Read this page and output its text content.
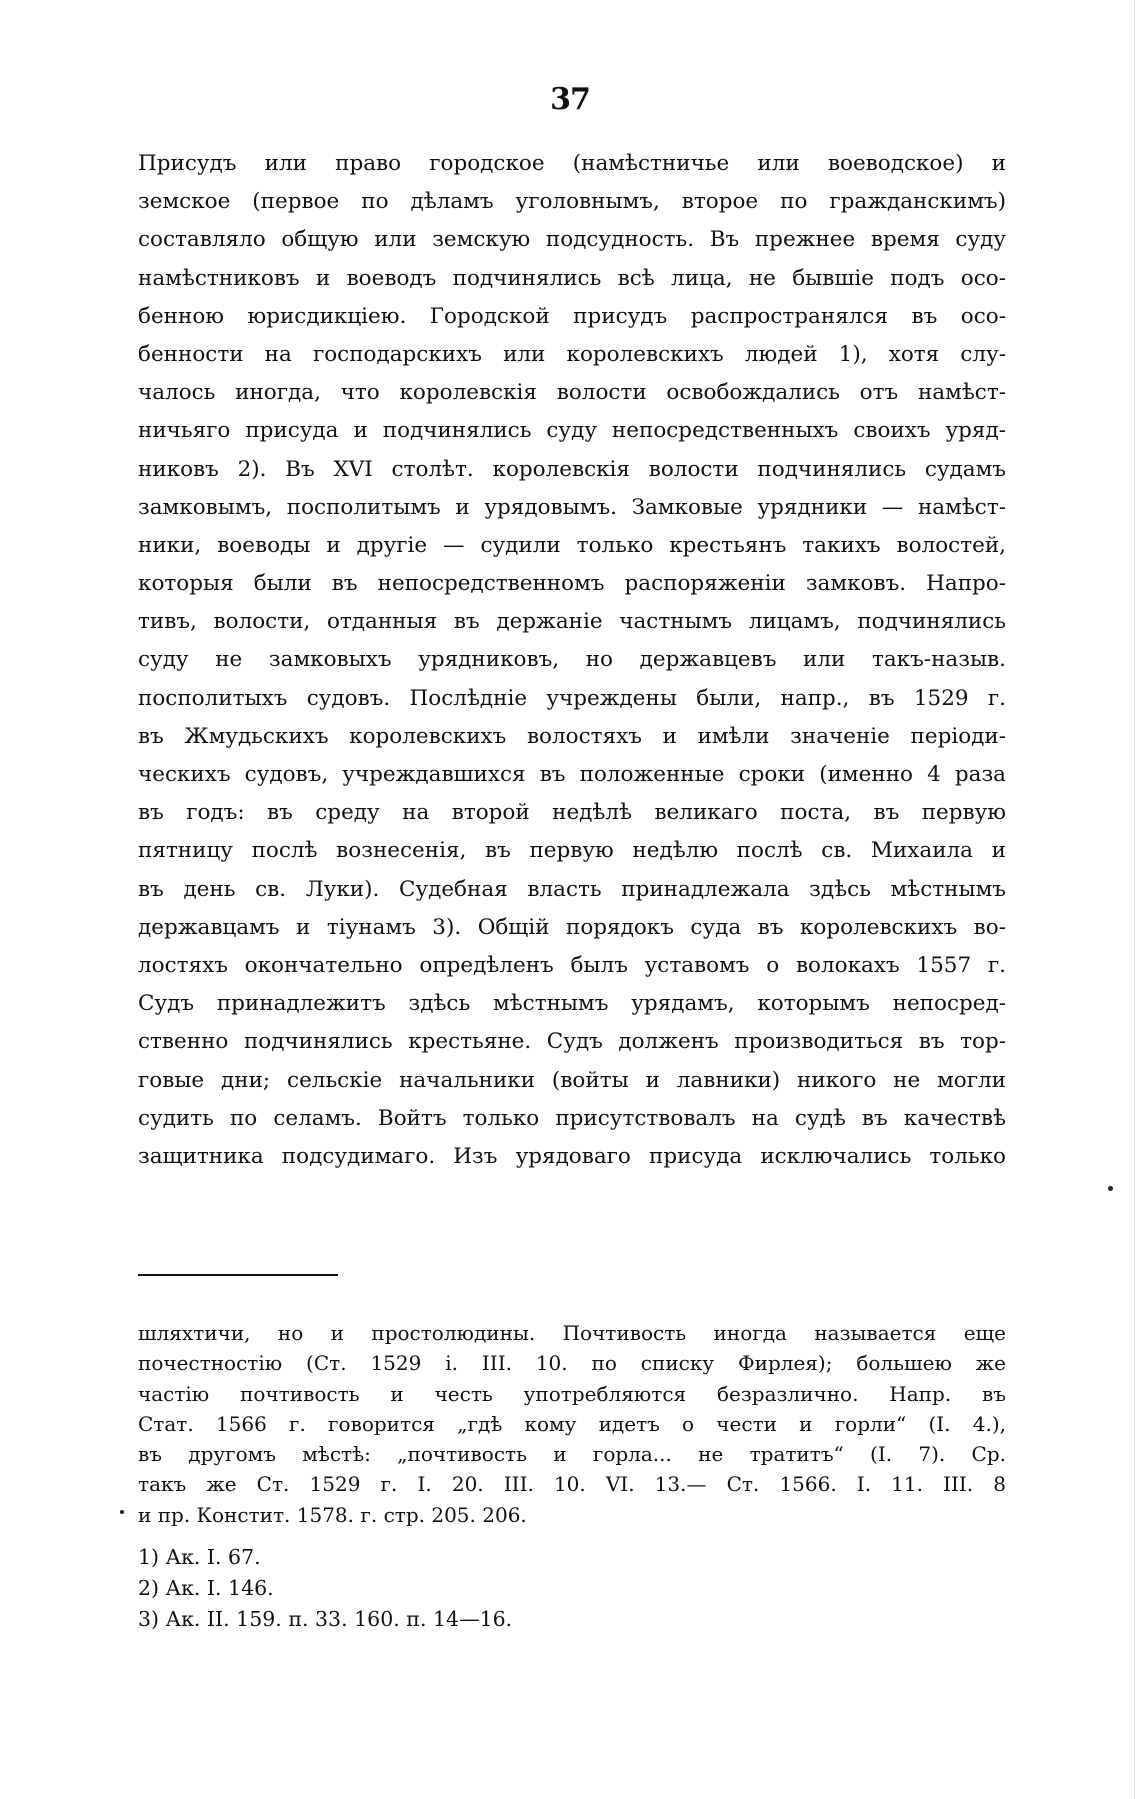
37
Присудъ или право городское (намѣстничье или воеводское) и
земское (первое по дѣламъ уголовнымъ, второе по гражданскимъ)
составляло общую или земскую подсудность. Въ прежнее время суду
намѣстниковъ и воеводъ подчинялись всѣ лица, не бывшіе подъ осо-
бенною юрисдикціею. Городской присудъ распространялся въ осо-
бенности на господарскихъ или королевскихъ людей 1), хотя слу-
чалось иногда, что королевскія волости освобождались отъ намѣст-
ничьяго присуда и подчинялись суду непосредственныхъ своихъ уряд-
никовъ 2). Въ XVI столѣт. королевскія волости подчинялись судамъ
замковымъ, посполитымъ и урядовымъ. Замковые урядники — намѣст-
ники, воеводы и другіе — судили только крестьянъ такихъ волостей,
которыя были въ непосредственномъ распоряженіи замковъ. Напро-
тивъ, волости, отданныя въ держаніе частнымъ лицамъ, подчинялись
суду не замковыхъ урядниковъ, но державцевъ или такъ-назыв.
посполитыхъ судовъ. Послѣдніе учреждены были, напр., въ 1529 г.
въ Жмудьскихъ королевскихъ волостяхъ и имѣли значеніе періоди-
ческихъ судовъ, учреждавшихся въ положенные сроки (именно 4 раза
въ годъ: въ среду на второй недѣлѣ великаго поста, въ первую
пятницу послѣ вознесенія, въ первую недѣлю послѣ св. Михаила и
въ день св. Луки). Судебная власть принадлежала здѣсь мѣстнымъ
державцамъ и тіунамъ 3). Общій порядокъ суда въ королевскихъ во-
лостяхъ окончательно опредѣленъ былъ уставомъ о волокахъ 1557 г.
Судъ принадлежитъ здѣсь мѣстнымъ урядамъ, которымъ непосред-
ственно подчинялись крестьяне. Судъ долженъ производиться въ тор-
говые дни; сельскіе начальники (войты и лавники) никого не могли
судить по селамъ. Войтъ только присутствовалъ на судѣ въ качествѣ
защитника подсудимаго. Изъ урядоваго присуда исключались только
шляхтичи, но и простолюдины. Почтивость иногда называется еще
почестностію (Ст. 1529 і. III. 10. по списку Фирлея); большею же
частію почтивость и честь употребляются безразлично. Напр. въ
Стат. 1566 г. говорится „гдѣ кому идетъ о чести и горли“ (I. 4.),
въ другомъ мѣстѣ: „почтивость и горла... не тратитъ“ (I. 7). Ср.
такъ же Ст. 1529 г. I. 20. III. 10. VI. 13.— Ст. 1566. I. 11. III. 8
и пр. Констит. 1578. г. стр. 205. 206.
1) Ак. I. 67.
2) Ак. I. 146.
3) Ак. II. 159. п. 33. 160. п. 14—16.
